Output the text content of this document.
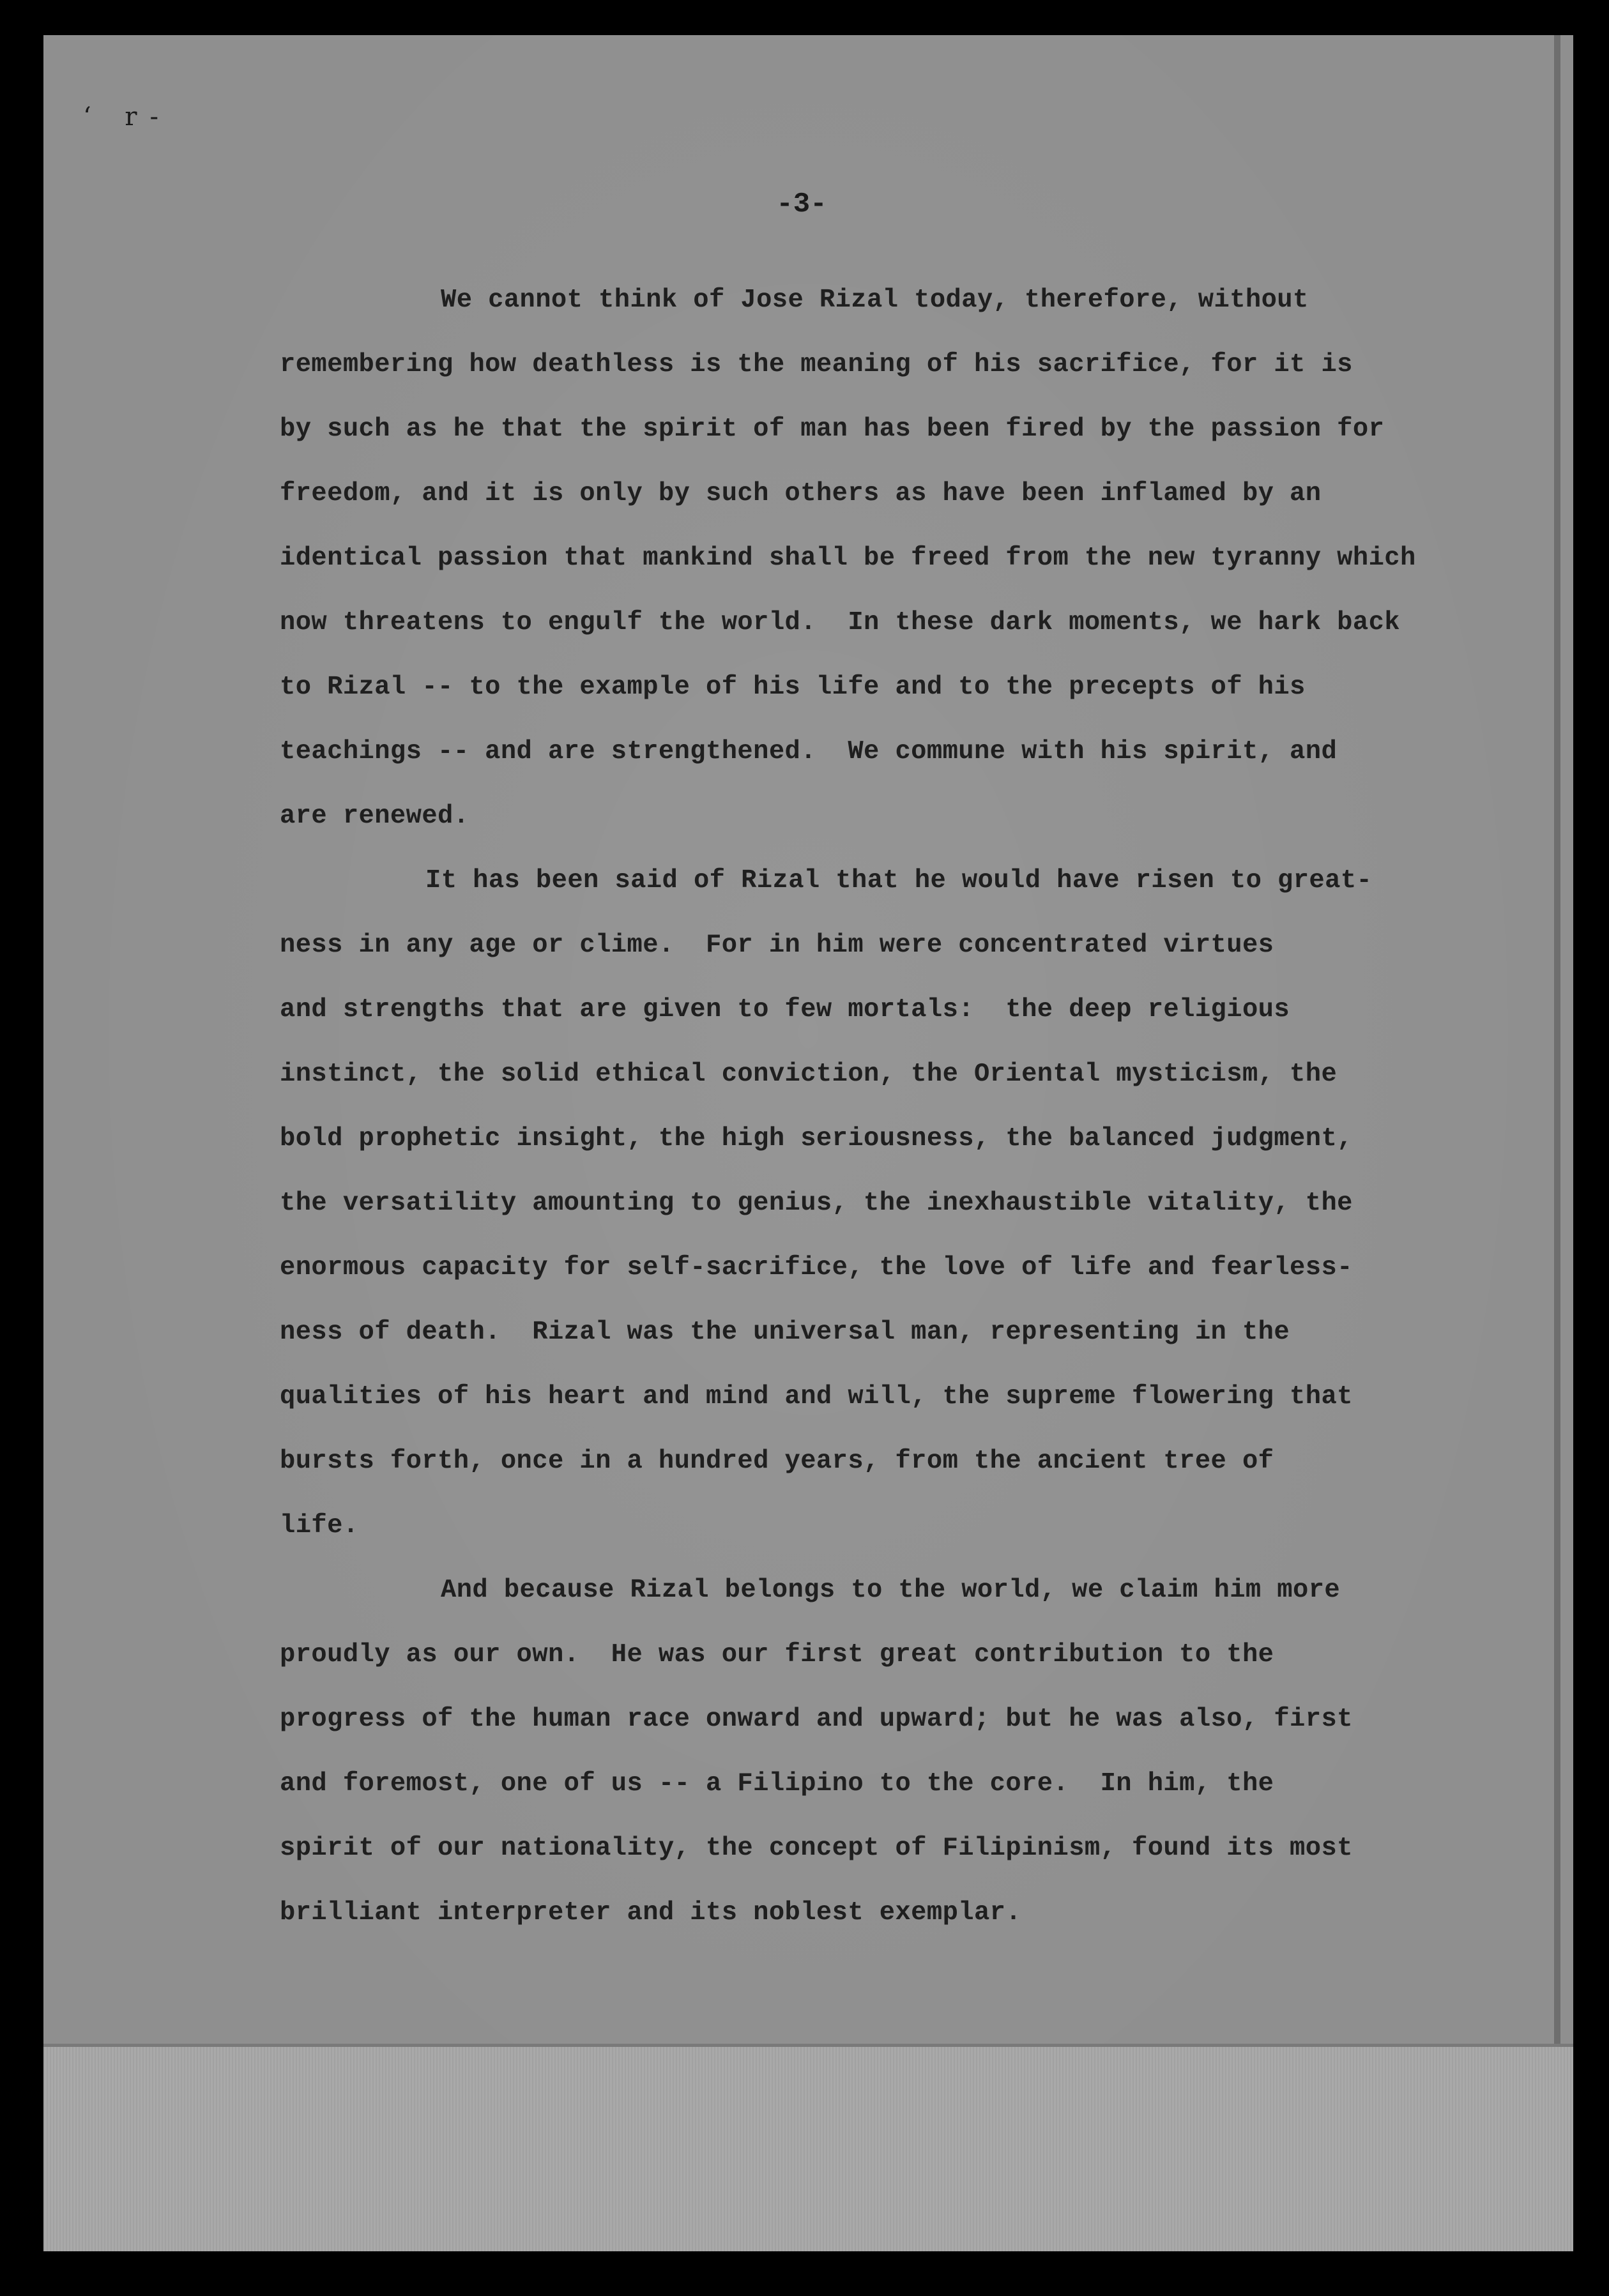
ʻ r-
-3-
We cannot think of Jose Rizal today, therefore, without
remembering how deathless is the meaning of his sacrifice, for it is
by such as he that the spirit of man has been fired by the passion for
freedom, and it is only by such others as have been inflamed by an
identical passion that mankind shall be freed from the new tyranny which
now threatens to engulf the world.  In these dark moments, we hark back
to Rizal -- to the example of his life and to the precepts of his
teachings -- and are strengthened.  We commune with his spirit, and
are renewed.
It has been said of Rizal that he would have risen to great-
ness in any age or clime.  For in him were concentrated virtues
and strengths that are given to few mortals:  the deep religious
instinct, the solid ethical conviction, the Oriental mysticism, the
bold prophetic insight, the high seriousness, the balanced judgment,
the versatility amounting to genius, the inexhaustible vitality, the
enormous capacity for self-sacrifice, the love of life and fearless-
ness of death.  Rizal was the universal man, representing in the
qualities of his heart and mind and will, the supreme flowering that
bursts forth, once in a hundred years, from the ancient tree of
life.
And because Rizal belongs to the world, we claim him more
proudly as our own.  He was our first great contribution to the
progress of the human race onward and upward; but he was also, first
and foremost, one of us -- a Filipino to the core.  In him, the
spirit of our nationality, the concept of Filipinism, found its most
brilliant interpreter and its noblest exemplar.
